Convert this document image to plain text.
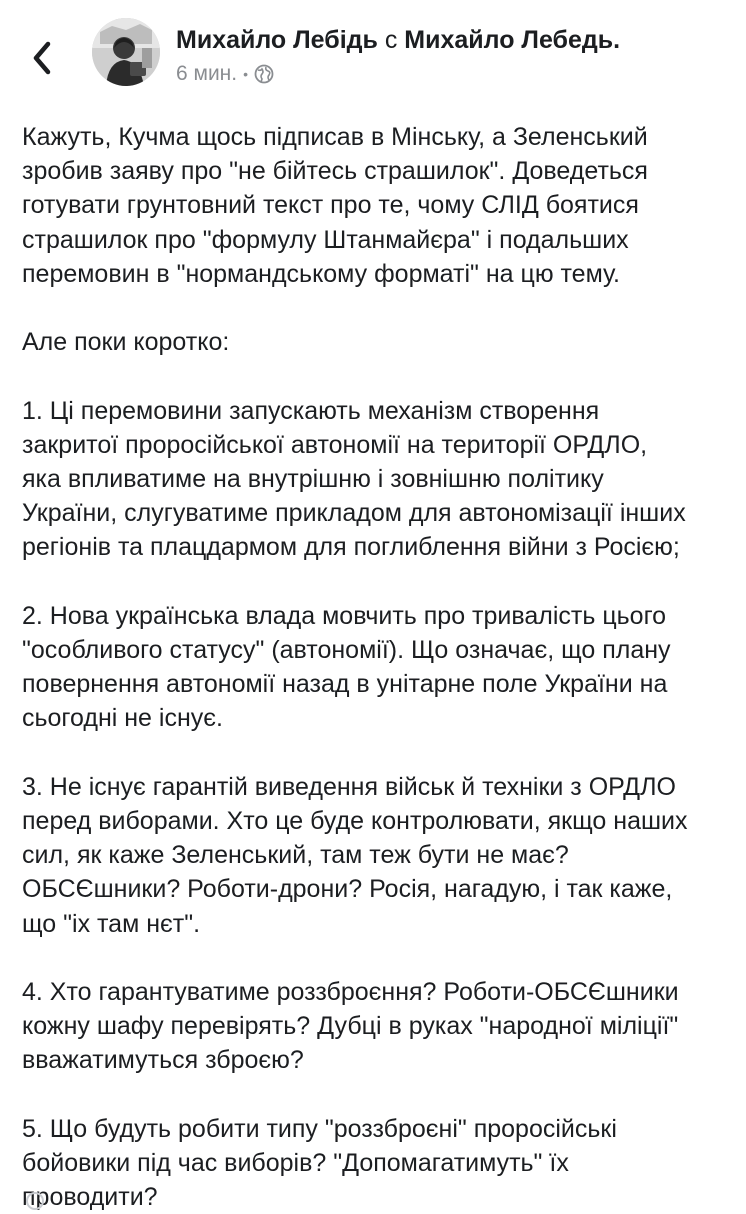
Михайло Лебідь с Михайло Лебедь.
6 мин. •

Кажуть, Кучма щось підписав в Мінську, а Зеленський
зробив заяву про "не бійтесь страшилок". Доведеться
готувати грунтовний текст про те, чому СЛІД боятися
страшилок про "формулу Штанмайєра" і подальших
перемовин в "нормандському форматі" на цю тему.

Але поки коротко:

1. Ці перемовини запускають механізм створення
закритої проросійської автономії на території ОРДЛО,
яка впливатиме на внутрішню і зовнішню політику
України, слугуватиме прикладом для автономізації інших
регіонів та плацдармом для поглиблення війни з Росією;

2. Нова українська влада мовчить про тривалість цього
"особливого статусу" (автономії). Що означає, що плану
повернення автономії назад в унітарне поле України на
сьогодні не існує.

3. Не існує гарантій виведення військ й техніки з ОРДЛО
перед виборами. Хто це буде контролювати, якщо наших
сил, як каже Зеленський, там теж бути не має?
ОБСЄшники? Роботи-дрони? Росія, нагадую, і так каже,
що "іх там нєт".

4. Хто гарантуватиме роззброєння? Роботи-ОБСЄшники
кожну шафу перевірять? Дубці в руках "народної міліції"
вважатимуться зброєю?

5. Що будуть робити типу "роззброєні" проросійські
бойовики під час виборів? "Допомагатимуть" їх
проводити?
